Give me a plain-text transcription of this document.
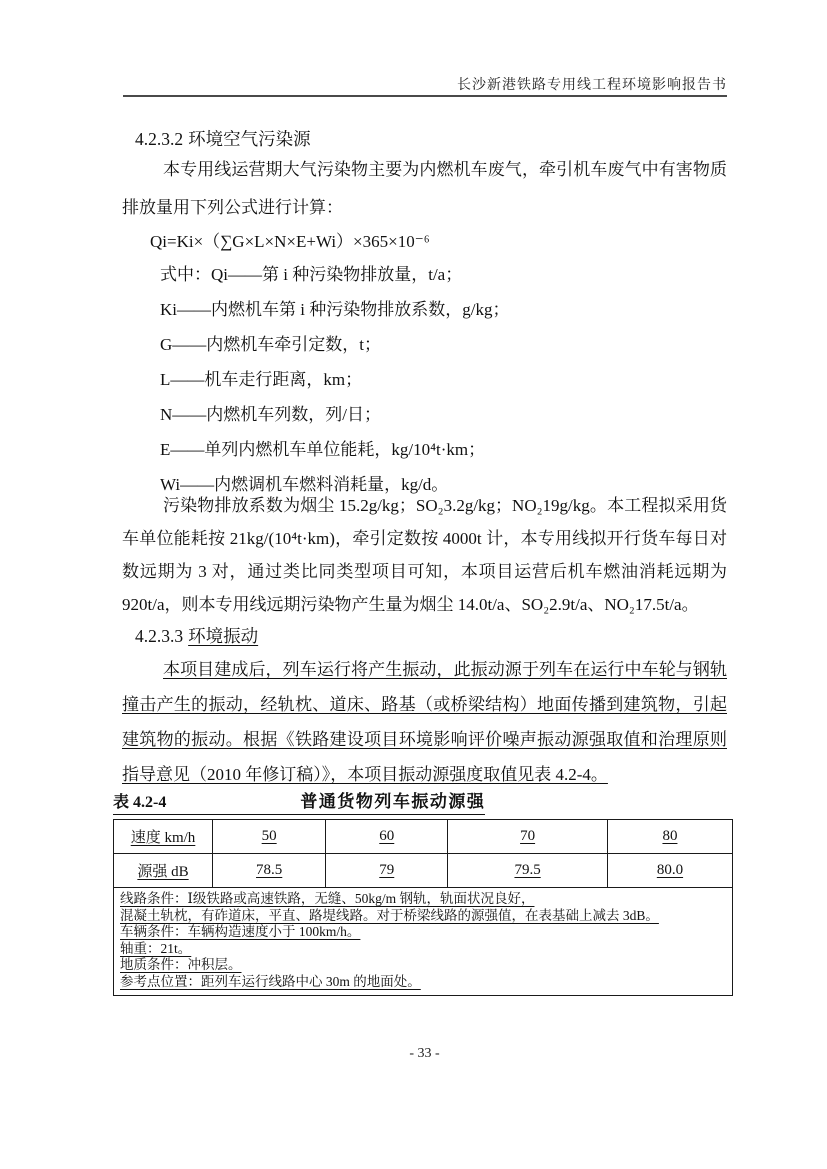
长沙新港铁路专用线工程环境影响报告书
4.2.3.2 环境空气污染源

本专用线运营期大气污染物主要为内燃机车废气，牵引机车废气中有害物质排放量用下列公式进行计算：

Qi=Ki×（∑G×L×N×E+Wi）×365×10⁻⁶
式中：Qi——第 i 种污染物排放量，t/a；
Ki——内燃机车第 i 种污染物排放系数，g/kg；
G——内燃机车牵引定数，t；
L——机车走行距离，km；
N——内燃机车列数，列/日；
E——单列内燃机车单位能耗，kg/10⁴t·km；
Wi——内燃调机车燃料消耗量，kg/d。

污染物排放系数为烟尘 15.2g/kg；SO₂3.2g/kg；NO₂19g/kg。本工程拟采用货车单位能耗按 21kg/(10⁴t·km)，牵引定数按 4000t 计，本专用线拟开行货车每日对数远期为 3 对，通过类比同类型项目可知，本项目运营后机车燃油消耗远期为 920t/a，则本专用线远期污染物产生量为烟尘 14.0t/a、SO₂2.9t/a、NO₂17.5t/a。

4.2.3.3 环境振动

本项目建成后，列车运行将产生振动，此振动源于列车在运行中车轮与钢轨撞击产生的振动，经轨枕、道床、路基（或桥梁结构）地面传播到建筑物，引起建筑物的振动。根据《铁路建设项目环境影响评价噪声振动源强取值和治理原则指导意见（2010 年修订稿）》，本项目振动源强度取值见表 4.2-4。

表 4.2-4	普通货物列车振动源强
速度 km/h	50	60	70	80
源强 dB	78.5	79	79.5	80.0

线路条件：Ⅰ级铁路或高速铁路，无缝、50kg/m 钢轨，轨面状况良好，
混凝土轨枕，有砟道床，平直、路堤线路。对于桥梁线路的源强值，在表基础上减去 3dB。
车辆条件：车辆构造速度小于 100km/h。
轴重：21t。
地质条件：冲积层。
参考点位置：距列车运行线路中心 30m 的地面处。
- 33 -
